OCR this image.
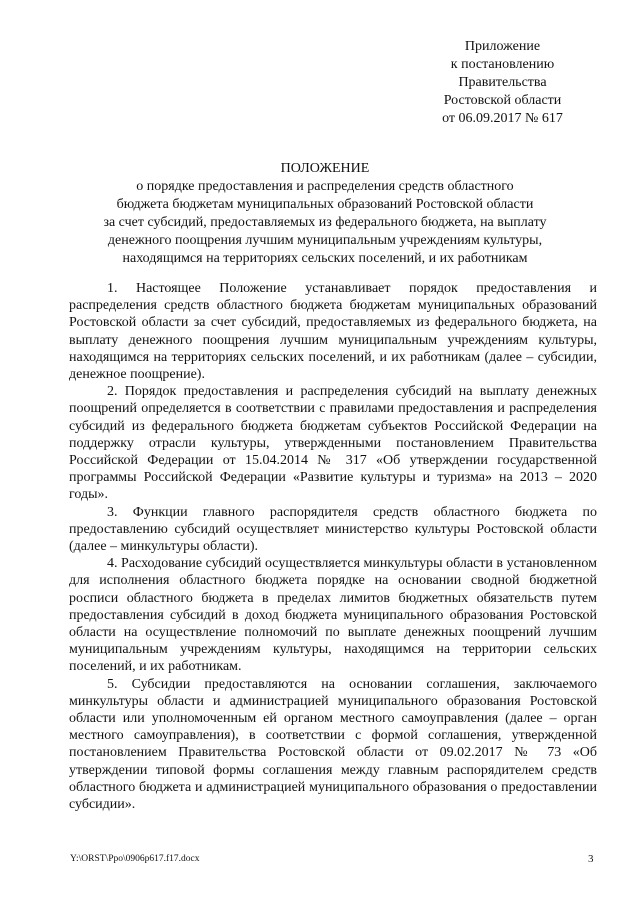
Приложение
к постановлению
Правительства
Ростовской области
от 06.09.2017 № 617
ПОЛОЖЕНИЕ
о порядке предоставления и распределения средств областного
бюджета бюджетам муниципальных образований Ростовской области
за счет субсидий, предоставляемых из федерального бюджета, на выплату
денежного поощрения лучшим муниципальным учреждениям культуры,
находящимся на территориях сельских поселений, и их работникам

1. Настоящее Положение устанавливает порядок предоставления и распределения средств областного бюджета бюджетам муниципальных образований Ростовской области за счет субсидий, предоставляемых из федерального бюджета, на выплату денежного поощрения лучшим муниципальным учреждениям культуры, находящимся на территориях сельских поселений, и их работникам (далее – субсидии, денежное поощрение).

2. Порядок предоставления и распределения субсидий на выплату денежных поощрений определяется в соответствии с правилами предоставления и распределения субсидий из федерального бюджета бюджетам субъектов Российской Федерации на поддержку отрасли культуры, утвержденными постановлением Правительства Российской Федерации от 15.04.2014 № 317 «Об утверждении государственной программы Российской Федерации «Развитие культуры и туризма» на 2013 – 2020 годы».

3. Функции главного распорядителя средств областного бюджета по предоставлению субсидий осуществляет министерство культуры Ростовской области (далее – минкультуры области).

4. Расходование субсидий осуществляется минкультуры области в установленном для исполнения областного бюджета порядке на основании сводной бюджетной росписи областного бюджета в пределах лимитов бюджетных обязательств путем предоставления субсидий в доход бюджета муниципального образования Ростовской области на осуществление полномочий по выплате денежных поощрений лучшим муниципальным учреждениям культуры, находящимся на территории сельских поселений, и их работникам.

5. Субсидии предоставляются на основании соглашения, заключаемого минкультуры области и администрацией муниципального образования Ростовской области или уполномоченным ей органом местного самоуправления (далее – орган местного самоуправления), в соответствии с формой соглашения, утвержденной постановлением Правительства Ростовской области от 09.02.2017 № 73 «Об утверждении типовой формы соглашения между главным распорядителем средств областного бюджета и администрацией муниципального образования о предоставлении субсидии».

Y:\ORST\Ppo\0906p617.f17.docx	3
